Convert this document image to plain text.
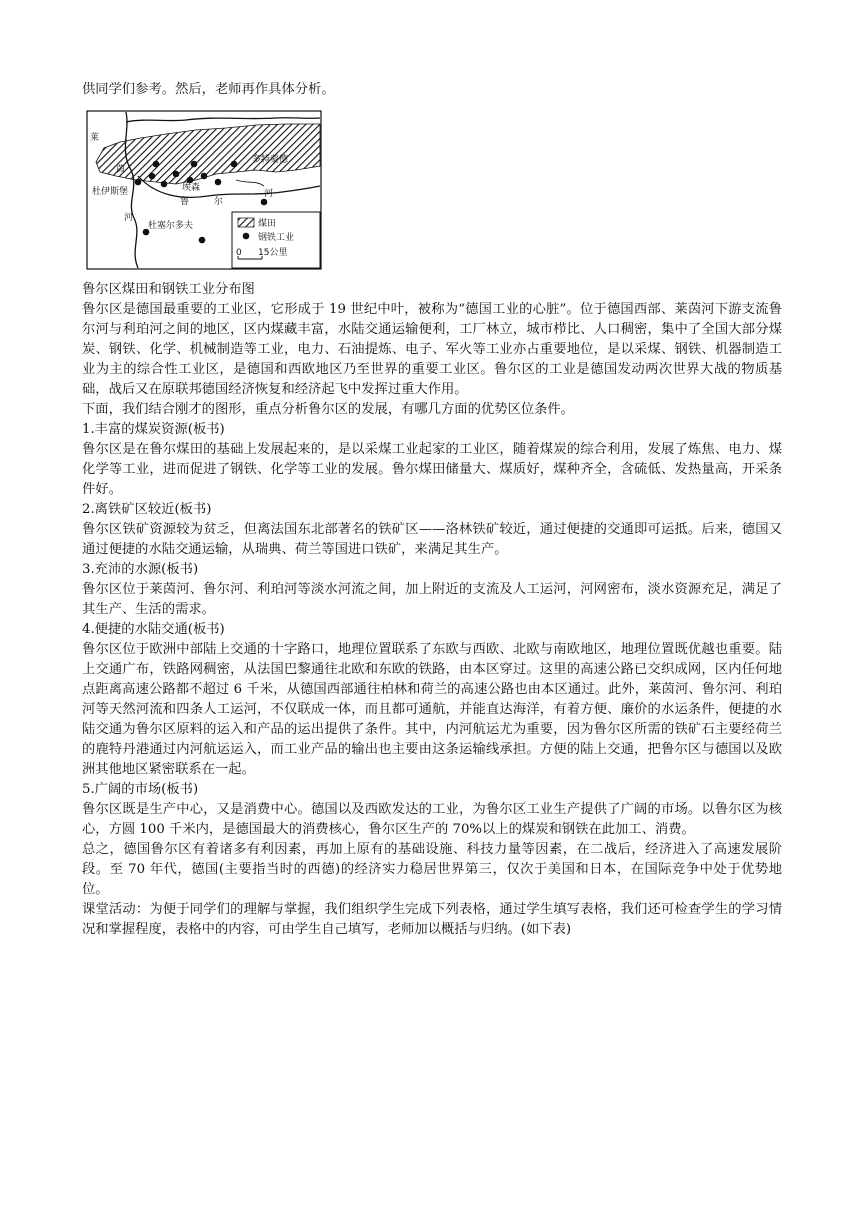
供同学们参考。然后，老师再作具体分析。

莱
茵
河
杜伊斯堡
多特蒙德
埃森
鲁	尔
河
杜塞尔多夫	煤田
钢铁工业
0 15公里
鲁尔区煤田和钢铁工业分布图

鲁尔区是德国最重要的工业区，它形成于 19 世纪中叶，被称为“德国工业的心脏”。位于德国西部、莱茵河下游支流鲁尔河与利珀河之间的地区，区内煤藏丰富，水陆交通运输便利，工厂林立，城市栉比、人口稠密，集中了全国大部分煤炭、钢铁、化学、机械制造等工业，电力、石油提炼、电子、军火等工业亦占重要地位，是以采煤、钢铁、机器制造工业为主的综合性工业区，是德国和西欧地区乃至世界的重要工业区。鲁尔区的工业是德国发动两次世界大战的物质基础，战后又在原联邦德国经济恢复和经济起飞中发挥过重大作用。

下面，我们结合刚才的图形，重点分析鲁尔区的发展，有哪几方面的优势区位条件。

1.丰富的煤炭资源(板书)

鲁尔区是在鲁尔煤田的基础上发展起来的，是以采煤工业起家的工业区，随着煤炭的综合利用，发展了炼焦、电力、煤化学等工业，进而促进了钢铁、化学等工业的发展。鲁尔煤田储量大、煤质好，煤种齐全，含硫低、发热量高，开采条件好。

2.离铁矿区较近(板书)

鲁尔区铁矿资源较为贫乏，但离法国东北部著名的铁矿区——洛林铁矿较近，通过便捷的交通即可运抵。后来，德国又通过便捷的水陆交通运输，从瑞典、荷兰等国进口铁矿，来满足其生产。

3.充沛的水源(板书)

鲁尔区位于莱茵河、鲁尔河、利珀河等淡水河流之间，加上附近的支流及人工运河，河网密布，淡水资源充足，满足了其生产、生活的需求。

4.便捷的水陆交通(板书)

鲁尔区位于欧洲中部陆上交通的十字路口，地理位置联系了东欧与西欧、北欧与南欧地区，地理位置既优越也重要。陆上交通广布，铁路网稠密，从法国巴黎通往北欧和东欧的铁路，由本区穿过。这里的高速公路已交织成网，区内任何地点距离高速公路都不超过 6 千米，从德国西部通往柏林和荷兰的高速公路也由本区通过。此外，莱茵河、鲁尔河、利珀河等天然河流和四条人工运河，不仅联成一体，而且都可通航，并能直达海洋，有着方便、廉价的水运条件，便捷的水陆交通为鲁尔区原料的运入和产品的运出提供了条件。其中，内河航运尤为重要，因为鲁尔区所需的铁矿石主要经荷兰的鹿特丹港通过内河航运运入，而工业产品的输出也主要由这条运输线承担。方便的陆上交通，把鲁尔区与德国以及欧洲其他地区紧密联系在一起。

5.广阔的市场(板书)

鲁尔区既是生产中心，又是消费中心。德国以及西欧发达的工业，为鲁尔区工业生产提供了广阔的市场。以鲁尔区为核心，方圆 100 千米内，是德国最大的消费核心，鲁尔区生产的 70%以上的煤炭和钢铁在此加工、消费。

总之，德国鲁尔区有着诸多有利因素，再加上原有的基础设施、科技力量等因素，在二战后，经济进入了高速发展阶段。至 70 年代，德国(主要指当时的西德)的经济实力稳居世界第三，仅次于美国和日本，在国际竞争中处于优势地位。

课堂活动：为便于同学们的理解与掌握，我们组织学生完成下列表格，通过学生填写表格，我们还可检查学生的学习情况和掌握程度，表格中的内容，可由学生自己填写，老师加以概括与归纳。(如下表)
